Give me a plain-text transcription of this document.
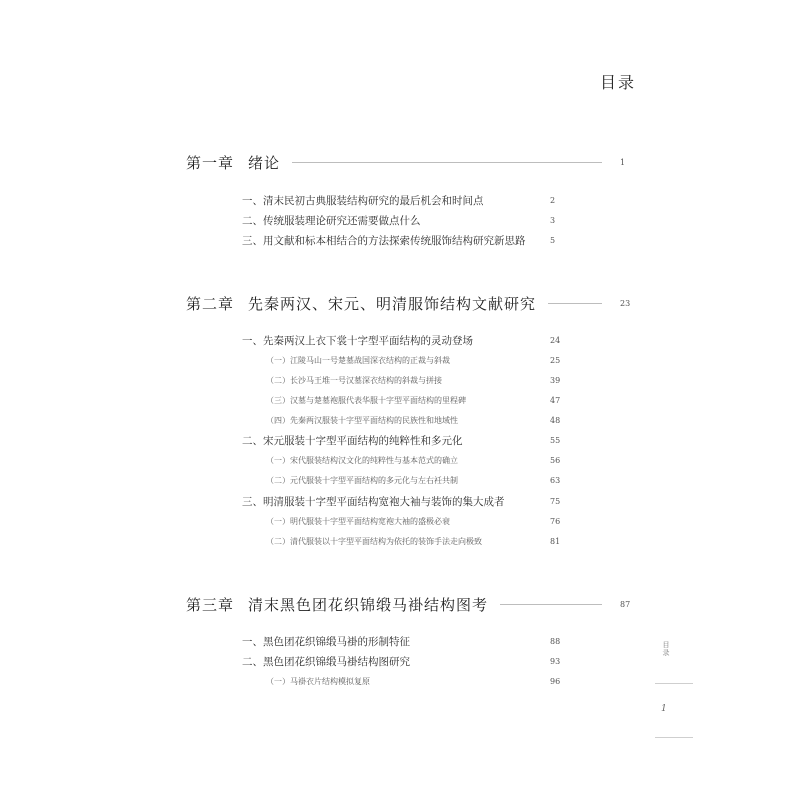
目录
第一章 绪论	1
一、清末民初古典服装结构研究的最后机会和时间点	2
二、传统服装理论研究还需要做点什么	3
三、用文献和标本相结合的方法探索传统服饰结构研究新思路	5
第二章 先秦两汉、宋元、明清服饰结构文献研究	23
一、先秦两汉上衣下裳十字型平面结构的灵动登场	24
（一）江陵马山一号楚墓战国深衣结构的正裁与斜裁	25
（二）长沙马王堆一号汉墓深衣结构的斜裁与拼接	39
（三）汉墓与楚墓袍服代表华服十字型平面结构的里程碑	47
（四）先秦两汉服装十字型平面结构的民族性和地域性	48
二、宋元服装十字型平面结构的纯粹性和多元化	55
（一）宋代服装结构汉文化的纯粹性与基本范式的确立	56
（二）元代服装十字型平面结构的多元化与左右衽共制	63
三、明清服装十字型平面结构宽袍大袖与装饰的集大成者	75
（一）明代服装十字型平面结构宽袍大袖的盛极必衰	76
（二）清代服装以十字型平面结构为依托的装饰手法走向极致	81
第三章 清末黑色团花织锦缎马褂结构图考	87
一、黑色团花织锦缎马褂的形制特征	88
二、黑色团花织锦缎马褂结构图研究	93
（一）马褂衣片结构模拟复原	96
目录
1
